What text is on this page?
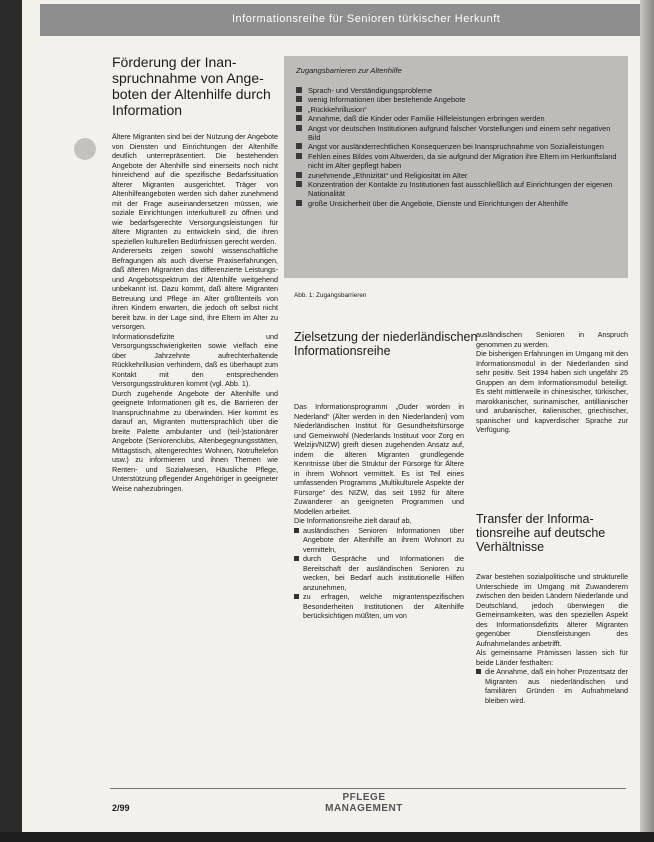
Informationsreihe für Senioren türkischer Herkunft
Förderung der Inanspruchnahme von Angeboten der Altenhilfe durch Information

Ältere Migranten sind bei der Nutzung der Angebote von Diensten und Einrichtungen der Altenhilfe deutlich unterrepräsentiert. Die bestehenden Angebote der Altenhilfe sind einerseits noch nicht hinreichend auf die spezifische Bedarfssituation älterer Migranten ausgerichtet. Träger von Altenhilfeangeboten werden sich daher zunehmend mit der Frage auseinandersetzen müssen, wie soziale Einrichtungen interkulturell zu öffnen und wie bedarfsgerechte Versorgungsleistungen für ältere Migranten zu entwickeln sind, die ihren speziellen kulturellen Bedürfnissen gerecht werden.

Andererseits zeigen sowohl wissenschaftliche Befragungen als auch diverse Praxiserfahrungen, daß älteren Migranten das differenzierte Leistungs- und Angebotsspektrum der Altenhilfe weitgehend unbekannt ist. Dazu kommt, daß ältere Migranten Betreuung und Pflege im Alter größtenteils von ihren Kindern erwarten, die jedoch oft selbst nicht bereit bzw. in der Lage sind, ihre Eltern im Alter zu versorgen.

Informationsdefizite und Versorgungsschwierigkeiten sowie vielfach eine über Jahrzehnte aufrechterhaltende Rückkehrillusion verhindern, daß es überhaupt zum Kontakt mit den entsprechenden Versorgungsstrukturen kommt (vgl. Abb. 1).

Durch zugehende Angebote der Altenhilfe und geeignete Informationen gilt es, die Barrieren der Inanspruchnahme zu überwinden. Hier kommt es darauf an, Migranten muttersprachlich über die breite Palette ambulanter und (teil-)stationärer Angebote (Seniorenclubs, Altenbegegnungsstätten, Mittagstisch, altengerechtes Wohnen, Notruftelefon usw.) zu informieren und ihnen Themen wie Renten- und Sozialwesen, Häusliche Pflege, Unterstützung pflegender Angehöriger in geeigneter Weise nahezubringen.

Zugangsbarrieren zur Altenhilfe
Sprach- und Verständigungsprobleme
wenig Informationen über bestehende Angebote
„Rückkehrillusion“
Annahme, daß die Kinder oder Familie Hilfeleistungen erbringen werden
Angst vor deutschen Institutionen aufgrund falscher Vorstellungen und einem sehr negativen Bild
Angst vor ausländerrechtlichen Konsequenzen bei Inanspruchnahme von Sozialleistungen
Fehlen eines Bildes vom Altwerden, da sie aufgrund der Migration ihre Eltern im Herkunftsland nicht im Alter gepflegt haben
zunehmende „Ethnizität“ und Religiosität im Alter
Konzentration der Kontakte zu Institutionen fast ausschließlich auf Einrichtungen der eigenen Nationalität
große Unsicherheit über die Angebote, Dienste und Einrichtungen der Altenhilfe
Abb. 1: Zugangsbarrieren
Zielsetzung der niederländischen Informationsreihe

Das Informationsprogramm „Ouder worden in Nederland“ (Älter werden in den Niederlanden) vom Niederländischen Institut für Gesundheitsfürsorge und Gemeinwohl (Nederlands Instituut voor Zorg en Welzijn/NIZW) greift diesen zugehenden Ansatz auf, indem die älteren Migranten grundlegende Kenntnisse über die Struktur der Fürsorge für Ältere in ihrem Wohnort vermittelt. Es ist Teil eines umfassenden Programms „Multikulturele Aspekte der Fürsorge“ des NIZW, das seit 1992 für ältere Zuwanderer an geeigneten Programmen und Modellen arbeitet.

Die Informationsreihe zielt darauf ab,

ausländischen Senioren Informationen über Angebote der Altenhilfe an ihrem Wohnort zu vermitteln,
durch Gespräche und Informationen die Bereitschaft der ausländischen Senioren zu wecken, bei Bedarf auch institutionelle Hilfen anzunehmen,
zu erfragen, welche migrantenspezifischen Besonderheiten Institutionen der Altenhilfe berücksichtigen müßten, um von

ausländischen Senioren in Anspruch genommen zu werden.

Die bisherigen Erfahrungen im Umgang mit den Informationsmodul in der Niederlanden sind sehr positiv. Seit 1994 haben sich ungefähr 25 Gruppen an dem Informationsmodul beteiligt. Es steht mittlerweile in chinesischer, türkischer, marokkanischer, surinamischer, antillianischer und arubanischer, italienischer, griechischer, spanischer und kapverdischer Sprache zur Verfügung.

Transfer der Informationsreihe auf deutsche Verhältnisse

Zwar bestehen sozialpolitische und strukturelle Unterschiede im Umgang mit Zuwanderern zwischen den beiden Ländern Niederlande und Deutschland, jedoch überwiegen die Gemeinsamkeiten, was den speziellen Aspekt des Informationsdefizits älterer Migranten gegenüber Dienstleistungen des Aufnahmelandes anbetrifft.

Als gemeinsame Prämissen lassen sich für beide Länder festhalten:

die Annahme, daß ein hoher Prozentsatz der Migranten aus niederländischen und familiären Gründen im Aufnahmeland bleiben wird.
2/99
PFLEGE
MANAGEMENT
